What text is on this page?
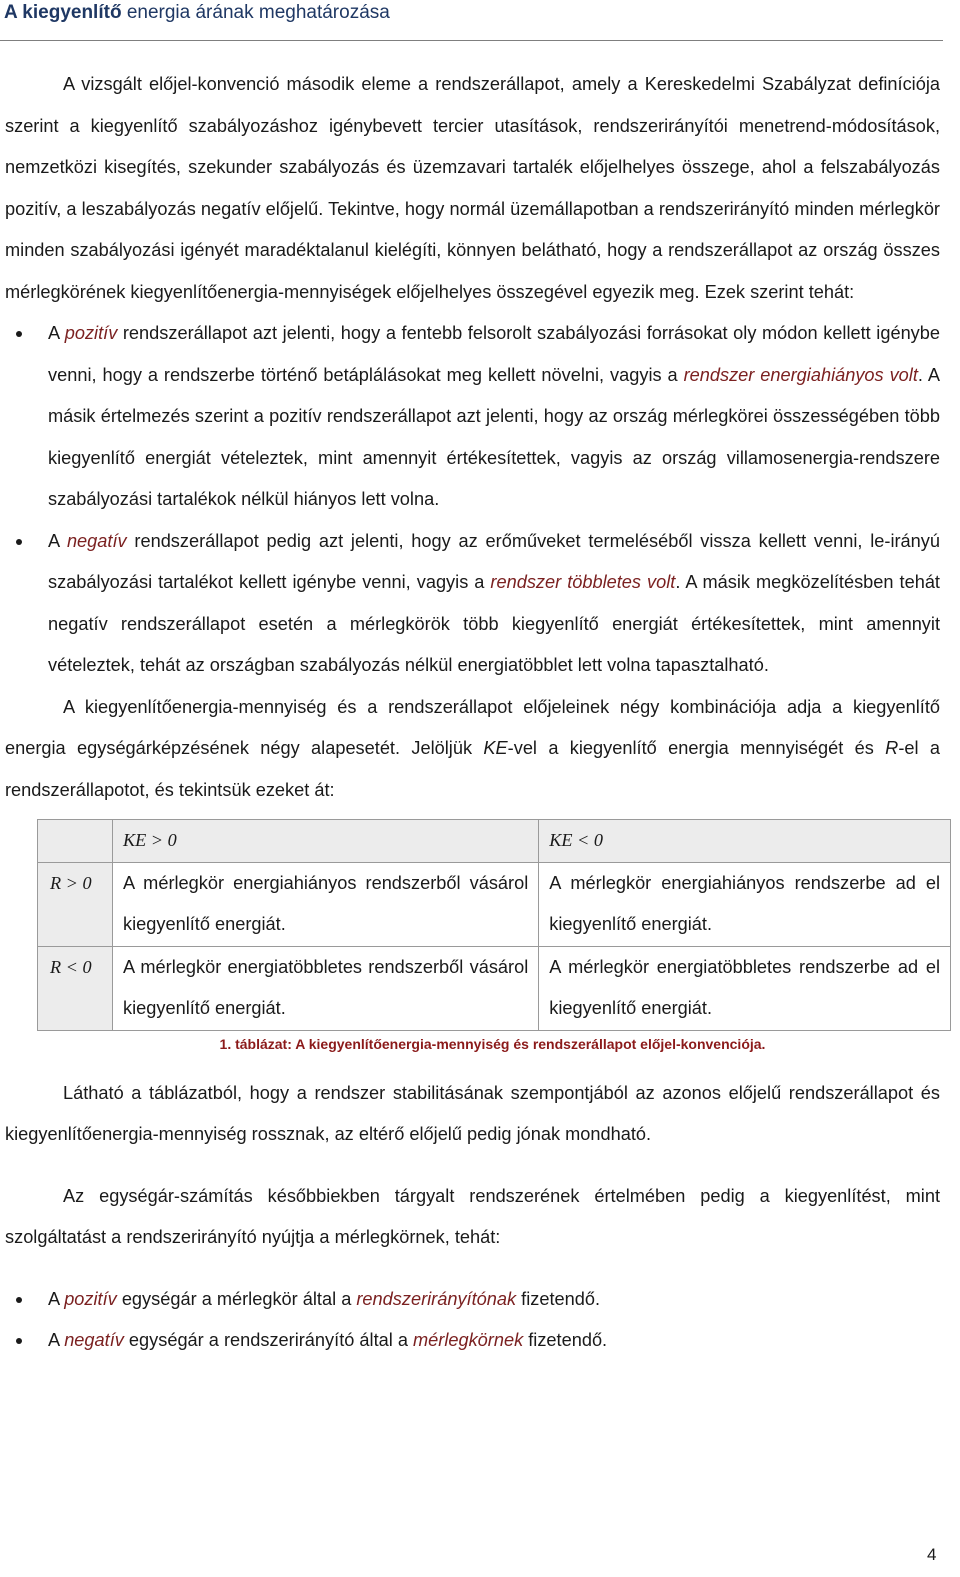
A kiegyenlítő energia árának meghatározása

A vizsgált előjel-konvenció második eleme a rendszerállapot, amely a Kereskedelmi Szabályzat definíciója szerint a kiegyenlítő szabályozáshoz igénybevett tercier utasítások, rendszerirányítói menetrend-módosítások, nemzetközi kisegítés, szekunder szabályozás és üzemzavari tartalék előjelhelyes összege, ahol a felszabályozás pozitív, a leszabályozás negatív előjelű. Tekintve, hogy normál üzemállapotban a rendszerirányító minden mérlegkör minden szabályozási igényét maradéktalanul kielégíti, könnyen belátható, hogy a rendszerállapot az ország összes mérlegkörének kiegyenlítőenergia-mennyiségek előjelhelyes összegével egyezik meg. Ezek szerint tehát:

A pozitív rendszerállapot azt jelenti, hogy a fentebb felsorolt szabályozási forrásokat oly módon kellett igénybe venni, hogy a rendszerbe történő betáplálásokat meg kellett növelni, vagyis a rendszer energiahiányos volt. A másik értelmezés szerint a pozitív rendszerállapot azt jelenti, hogy az ország mérlegkörei összességében több kiegyenlítő energiát vételeztek, mint amennyit értékesítettek, vagyis az ország villamosenergia-rendszere szabályozási tartalékok nélkül hiányos lett volna.
A negatív rendszerállapot pedig azt jelenti, hogy az erőműveket termeléséből vissza kellett venni, le-irányú szabályozási tartalékot kellett igénybe venni, vagyis a rendszer többletes volt. A másik megközelítésben tehát negatív rendszerállapot esetén a mérlegkörök több kiegyenlítő energiát értékesítettek, mint amennyit vételeztek, tehát az országban szabályozás nélkül energiatöbblet lett volna tapasztalható.

A kiegyenlítőenergia-mennyiség és a rendszerállapot előjeleinek négy kombinációja adja a kiegyenlítő energia egységárképzésének négy alapesetét. Jelöljük KE-vel a kiegyenlítő energia mennyiségét és R-el a rendszerállapotot, és tekintsük ezeket át:

	KE > 0	KE < 0
R > 0	A mérlegkör energiahiányos rendszerből vásárol kiegyenlítő energiát.	A mérlegkör energiahiányos rendszerbe ad el kiegyenlítő energiát.
R < 0	A mérlegkör energiatöbbletes rendszerből vásárol kiegyenlítő energiát.	A mérlegkör energiatöbbletes rendszerbe ad el kiegyenlítő energiát.
1. táblázat: A kiegyenlítőenergia-mennyiség és rendszerállapot előjel-konvenciója.

Látható a táblázatból, hogy a rendszer stabilitásának szempontjából az azonos előjelű rendszerállapot és kiegyenlítőenergia-mennyiség rossznak, az eltérő előjelű pedig jónak mondható.

Az egységár-számítás későbbiekben tárgyalt rendszerének értelmében pedig a kiegyenlítést, mint szolgáltatást a rendszerirányító nyújtja a mérlegkörnek, tehát:

A pozitív egységár a mérlegkör által a rendszerirányítónak fizetendő.
A negatív egységár a rendszerirányító által a mérlegkörnek fizetendő.
4
